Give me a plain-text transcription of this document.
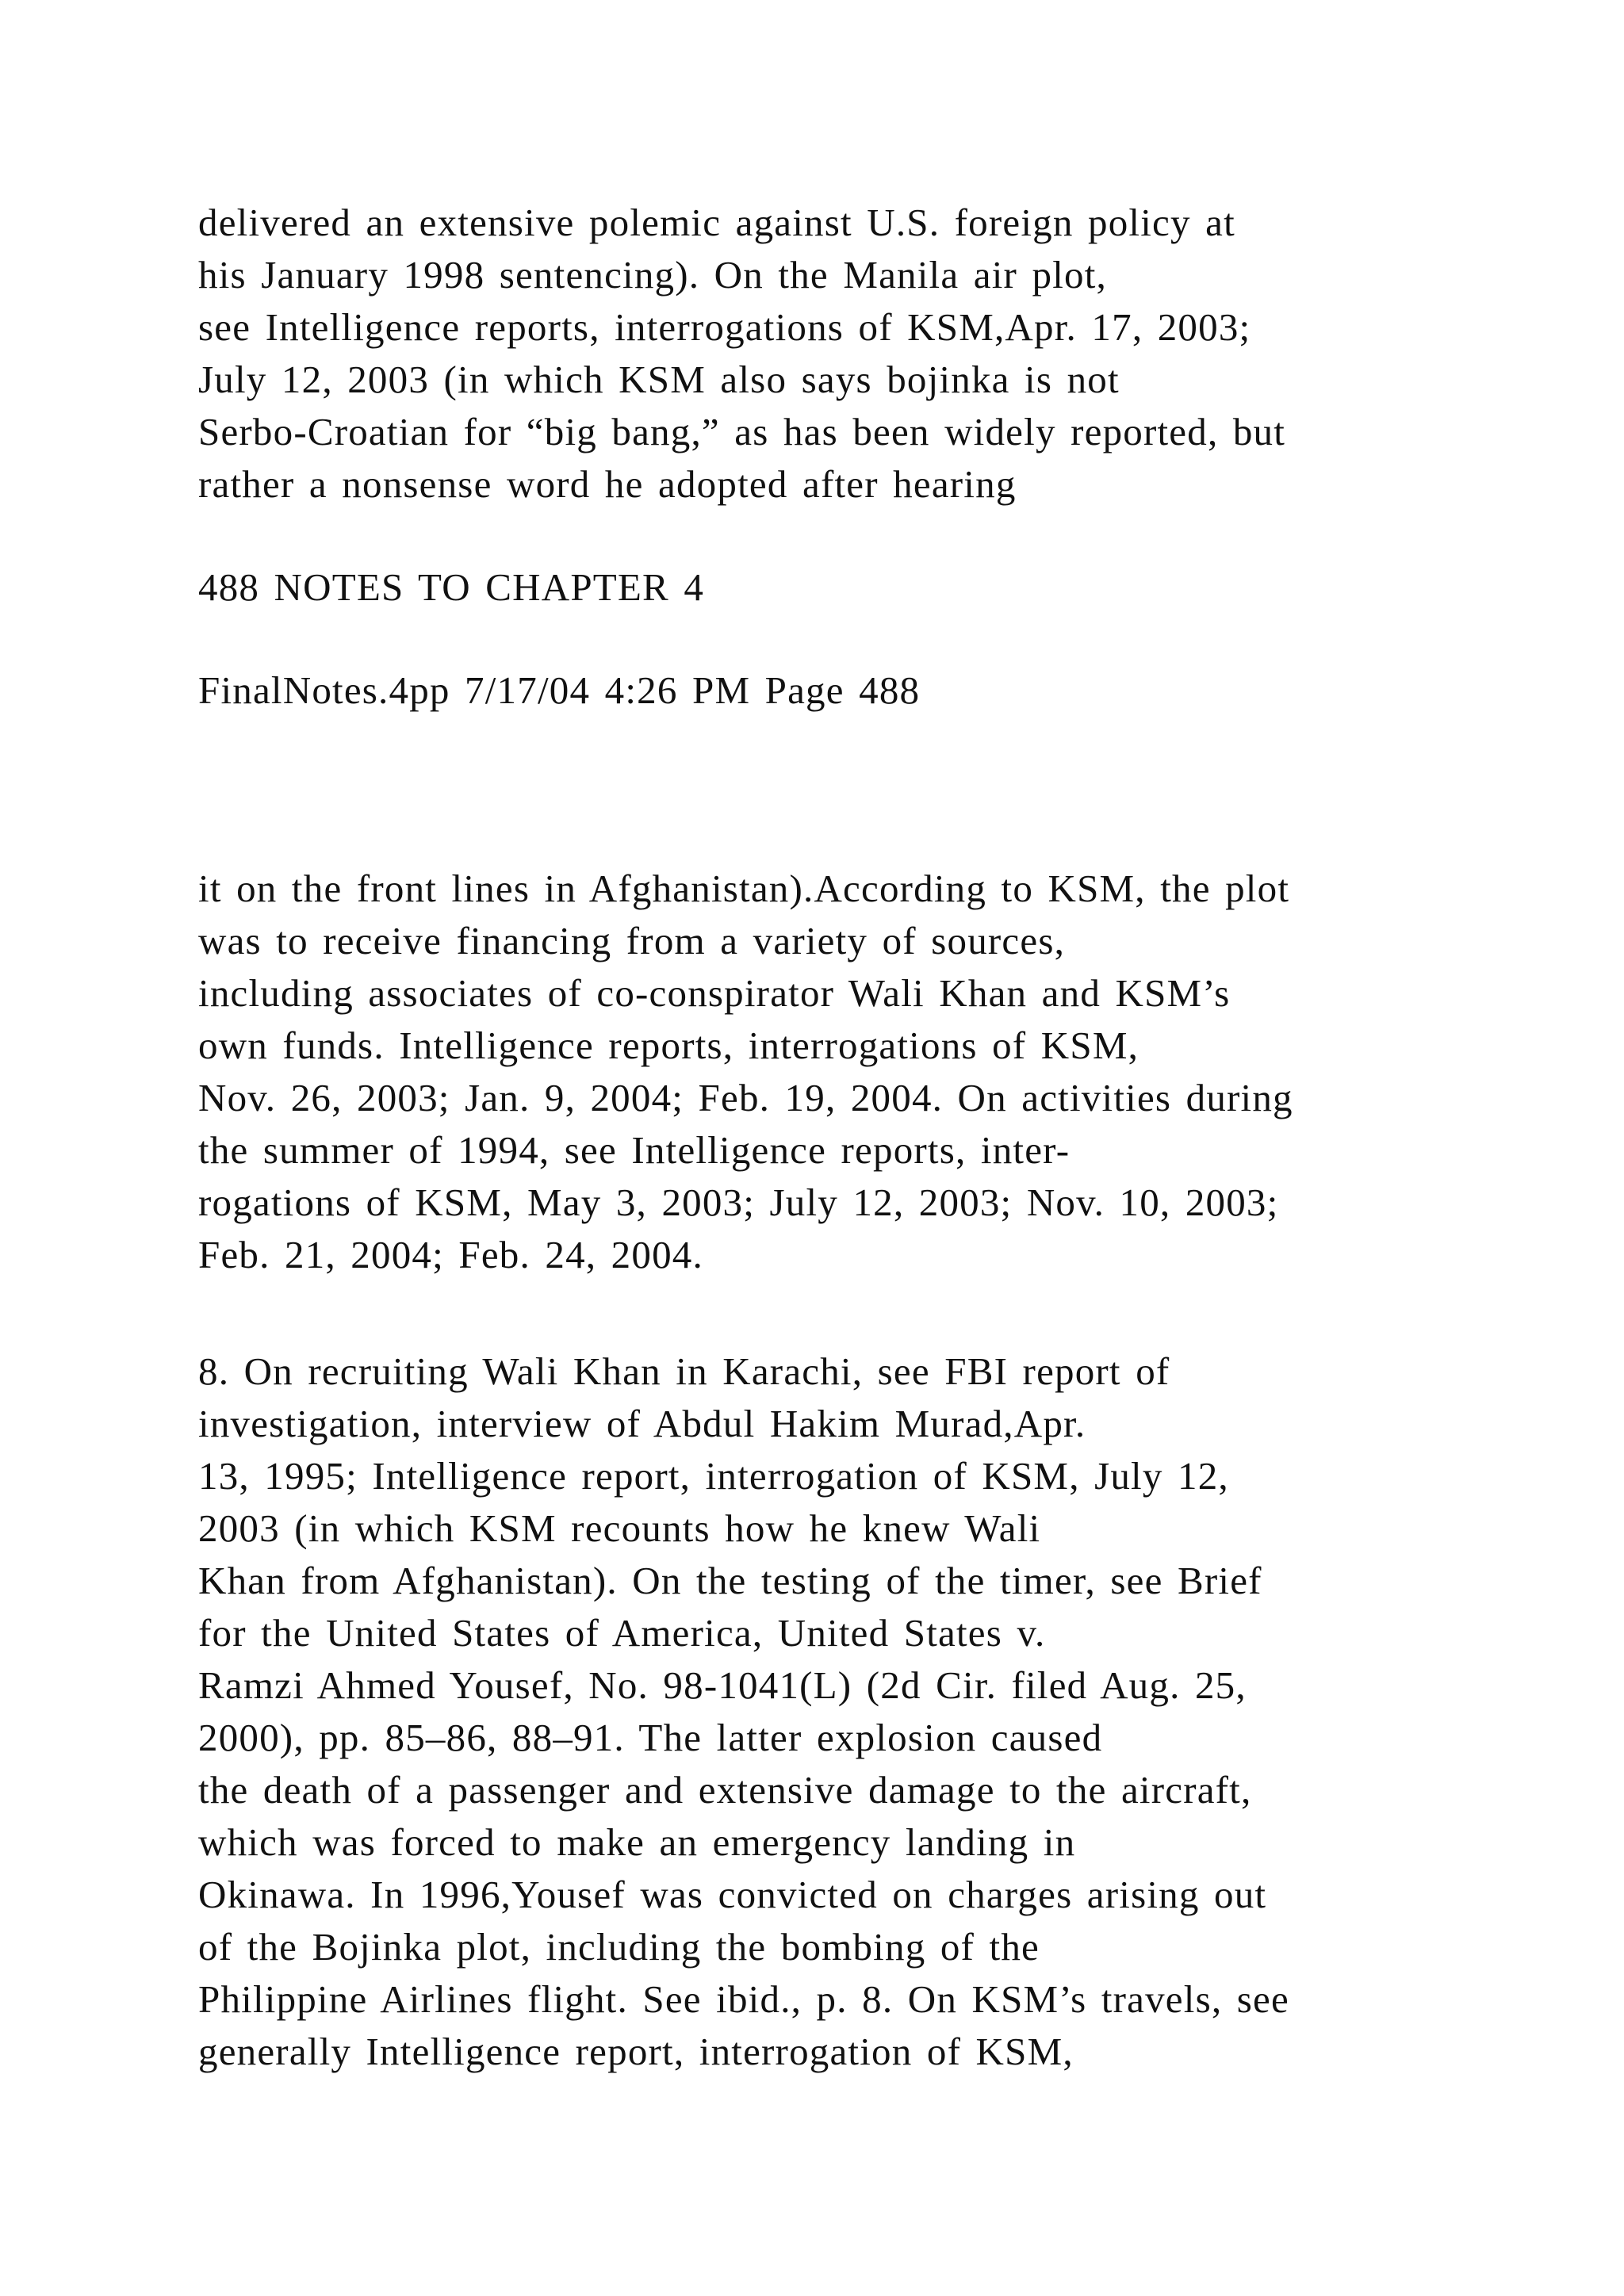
delivered an extensive polemic against U.S. foreign policy at
his January 1998 sentencing). On the Manila air plot,
see Intelligence reports, interrogations of KSM,Apr. 17, 2003;
July 12, 2003 (in which KSM also says bojinka is not
Serbo-Croatian for “big bang,” as has been widely reported, but
rather a nonsense word he adopted after hearing
488 NOTES TO CHAPTER 4
FinalNotes.4pp 7/17/04 4:26 PM Page 488
it on the front lines in Afghanistan).According to KSM, the plot
was to receive financing from a variety of sources,
including associates of co-conspirator Wali Khan and KSM’s
own funds. Intelligence reports, interrogations of KSM,
Nov. 26, 2003; Jan. 9, 2004; Feb. 19, 2004. On activities during
the summer of 1994, see Intelligence reports, inter-
rogations of KSM, May 3, 2003; July 12, 2003; Nov. 10, 2003;
Feb. 21, 2004; Feb. 24, 2004.
8. On recruiting Wali Khan in Karachi, see FBI report of
investigation, interview of Abdul Hakim Murad,Apr.
13, 1995; Intelligence report, interrogation of KSM, July 12,
2003 (in which KSM recounts how he knew Wali
Khan from Afghanistan). On the testing of the timer, see Brief
for the United States of America, United States v.
Ramzi Ahmed Yousef, No. 98-1041(L) (2d Cir. filed Aug. 25,
2000), pp. 85–86, 88–91. The latter explosion caused
the death of a passenger and extensive damage to the aircraft,
which was forced to make an emergency landing in
Okinawa. In 1996,Yousef was convicted on charges arising out
of the Bojinka plot, including the bombing of the
Philippine Airlines flight. See ibid., p. 8. On KSM’s travels, see
generally Intelligence report, interrogation of KSM,
